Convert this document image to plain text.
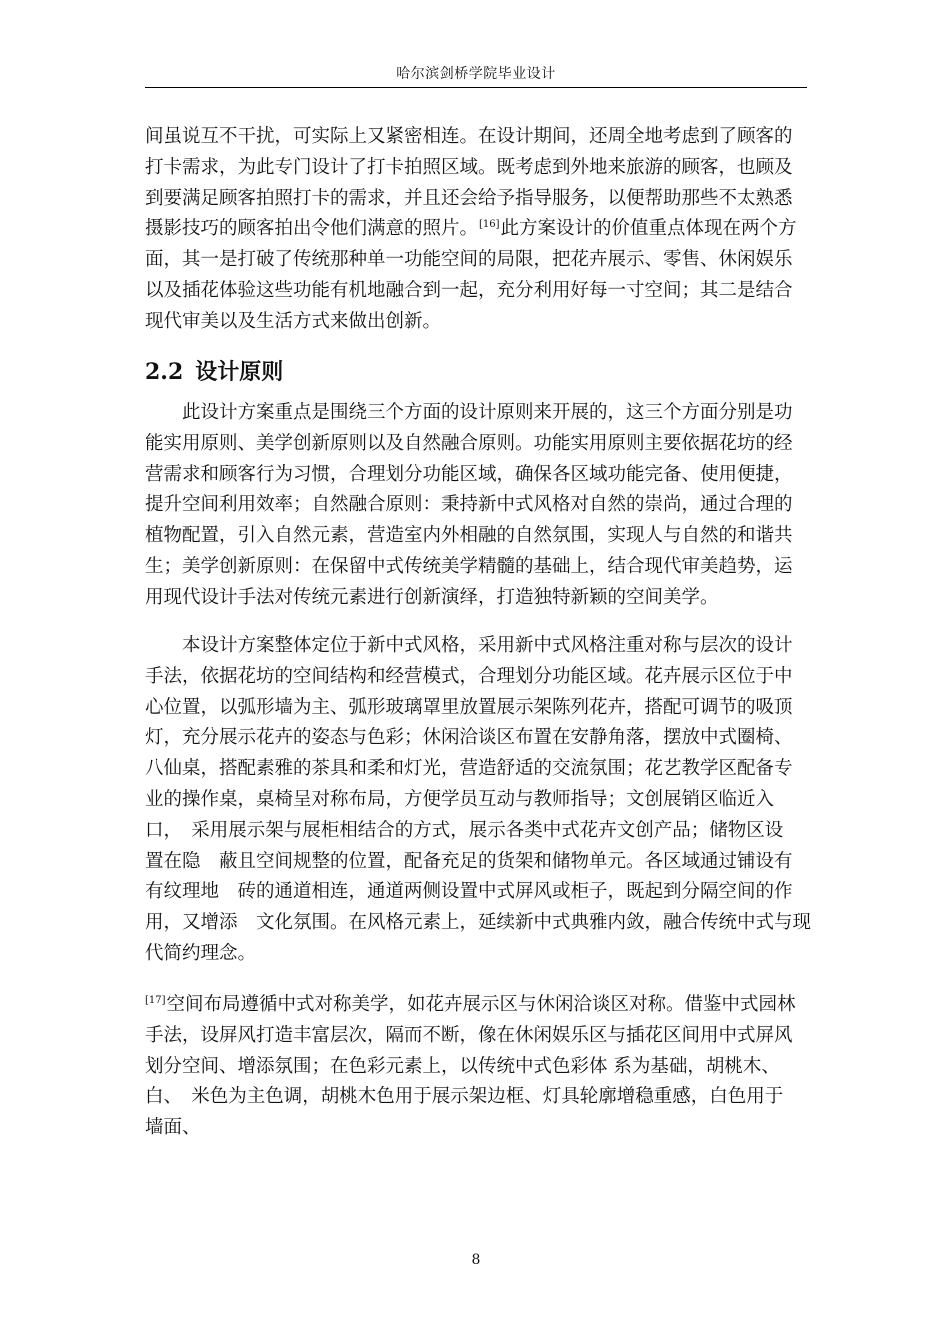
哈尔滨剑桥学院毕业设计
间虽说互不干扰，可实际上又紧密相连。在设计期间，还周全地考虑到了顾客的
打卡需求，为此专门设计了打卡拍照区域。既考虑到外地来旅游的顾客，也顾及
到要满足顾客拍照打卡的需求，并且还会给予指导服务，以便帮助那些不太熟悉
摄影技巧的顾客拍出令他们满意的照片。[16]此方案设计的价值重点体现在两个方
面，其一是打破了传统那种单一功能空间的局限，把花卉展示、零售、休闲娱乐
以及插花体验这些功能有机地融合到一起，充分利用好每一寸空间；其二是结合
现代审美以及生活方式来做出创新。
2.2 设计原则
　　此设计方案重点是围绕三个方面的设计原则来开展的，这三个方面分别是功
能实用原则、美学创新原则以及自然融合原则。功能实用原则主要依据花坊的经
营需求和顾客行为习惯，合理划分功能区域，确保各区域功能完备、使用便捷，
提升空间利用效率；自然融合原则：秉持新中式风格对自然的崇尚，通过合理的
植物配置，引入自然元素，营造室内外相融的自然氛围，实现人与自然的和谐共
生；美学创新原则：在保留中式传统美学精髓的基础上，结合现代审美趋势，运
用现代设计手法对传统元素进行创新演绎，打造独特新颖的空间美学。
　　本设计方案整体定位于新中式风格，采用新中式风格注重对称与层次的设计
手法，依据花坊的空间结构和经营模式，合理划分功能区域。花卉展示区位于中
心位置，以弧形墙为主、弧形玻璃罩里放置展示架陈列花卉，搭配可调节的吸顶
灯，充分展示花卉的姿态与色彩；休闲洽谈区布置在安静角落，摆放中式圈椅、
八仙桌，搭配素雅的茶具和柔和灯光，营造舒适的交流氛围；花艺教学区配备专
业的操作桌，桌椅呈对称布局，方便学员互动与教师指导；文创展销区临近入
口，　采用展示架与展柜相结合的方式，展示各类中式花卉文创产品；储物区设
置在隐　蔽且空间规整的位置，配备充足的货架和储物单元。各区域通过铺设有
有纹理地　砖的通道相连，通道两侧设置中式屏风或柜子，既起到分隔空间的作
用，又增添　文化氛围。在风格元素上，延续新中式典雅内敛，融合传统中式与现
代简约理念。
[17]空间布局遵循中式对称美学，如花卉展示区与休闲洽谈区对称。借鉴中式园林
手法，设屏风打造丰富层次，隔而不断，像在休闲娱乐区与插花区间用中式屏风
划分空间、增添氛围；在色彩元素上，以传统中式色彩体 系为基础，胡桃木、
白、　米色为主色调，胡桃木色用于展示架边框、灯具轮廓增稳重感，白色用于
墙面、
8
